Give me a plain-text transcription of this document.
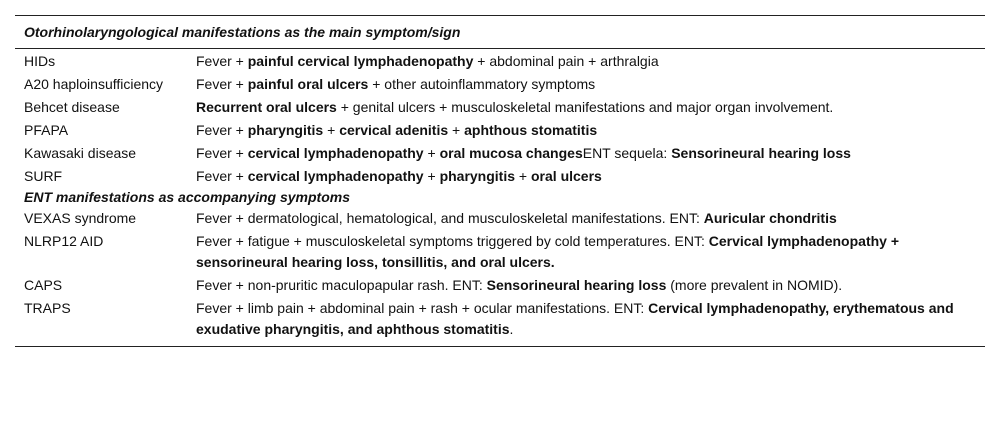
Otorhinolaryngological manifestations as the main symptom/sign
HIDs	Fever + painful cervical lymphadenopathy + abdominal pain + arthralgia
A20 haploinsufficiency	Fever + painful oral ulcers + other autoinflammatory symptoms
Behcet disease	Recurrent oral ulcers + genital ulcers + musculoskeletal manifestations and major organ involvement.
PFAPA	Fever + pharyngitis + cervical adenitis + aphthous stomatitis
Kawasaki disease	Fever + cervical lymphadenopathy + oral mucosa changesENT sequela: Sensorineural hearing loss
SURF	Fever + cervical lymphadenopathy + pharyngitis + oral ulcers
ENT manifestations as accompanying symptoms
VEXAS syndrome	Fever + dermatological, hematological, and musculoskeletal manifestations. ENT: Auricular chondritis
NLRP12 AID	Fever + fatigue + musculoskeletal symptoms triggered by cold temperatures. ENT: Cervical lymphadenopathy + sensorineural hearing loss, tonsillitis, and oral ulcers.
CAPS	Fever + non-pruritic maculopapular rash. ENT: Sensorineural hearing loss (more prevalent in NOMID).
TRAPS	Fever + limb pain + abdominal pain + rash + ocular manifestations. ENT: Cervical lymphadenopathy, erythematous and exudative pharyngitis, and aphthous stomatitis.
